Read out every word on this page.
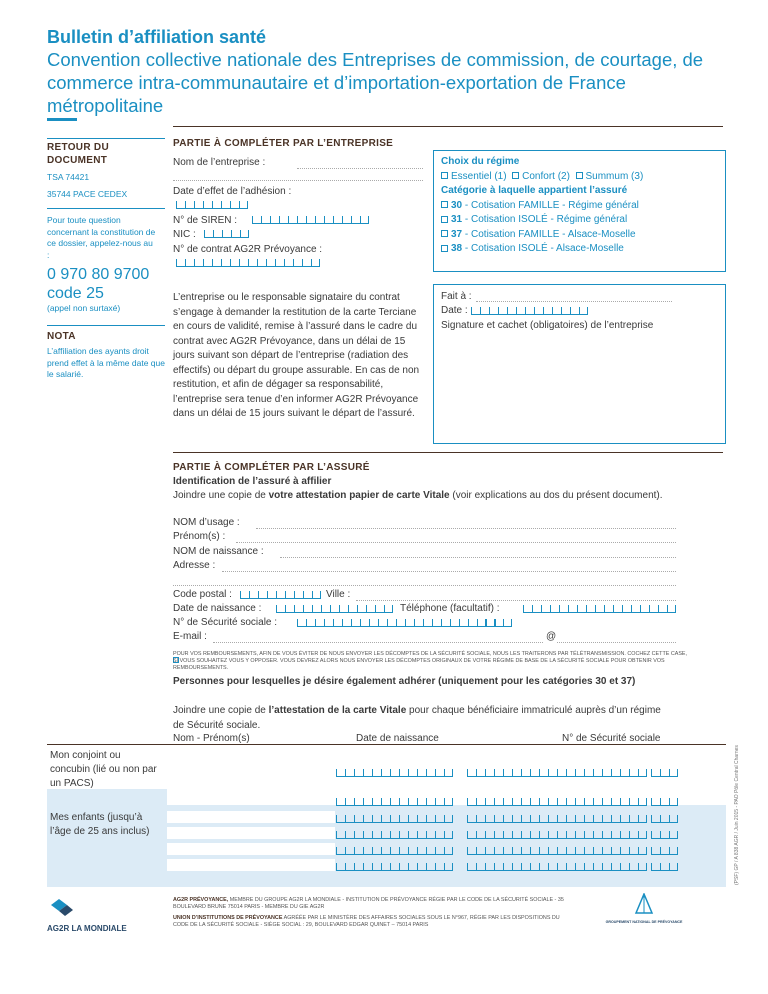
Bulletin d’affiliation santé
Convention collective nationale des Entreprises de commission, de courtage, de commerce intra-communautaire et d’importation-exportation de France métropolitaine
RETOUR DU DOCUMENT
TSA 74421
35744 PACE CEDEX
Pour toute question concernant la constitution de ce dossier, appelez-nous au :
0 970 80 9700
code 25
(appel non surtaxé)
NOTA
L’affiliation des ayants droit prend effet à la même date que le salarié.
PARTIE À COMPLÉTER PAR L’ENTREPRISE
Nom de l’entreprise :
Date d’effet de l’adhésion :
N° de SIREN :
NIC :
N° de contrat AG2R Prévoyance :
Choix du régime
Essentiel (1) Confort (2) Summum (3)
Catégorie à laquelle appartient l’assuré
30 - Cotisation FAMILLE - Régime général
31 - Cotisation ISOLÉ - Régime général
37 - Cotisation FAMILLE - Alsace-Moselle
38 - Cotisation ISOLÉ - Alsace-Moselle
L’entreprise ou le responsable signataire du contrat s’engage à demander la restitution de la carte Terciane en cours de validité, remise à l’assuré dans le cadre du contrat avec AG2R Prévoyance, dans un délai de 15 jours suivant son départ de l’entreprise (radiation des effectifs) ou départ du groupe assurable. En cas de non restitution, et afin de dégager sa responsabilité, l’entreprise sera tenue d’en informer AG2R Prévoyance dans un délai de 15 jours suivant le départ de l’assuré.
Fait à :
Date :
Signature et cachet (obligatoires) de l’entreprise
PARTIE À COMPLÉTER PAR L’ASSURÉ
Identification de l’assuré à affilier
Joindre une copie de votre attestation papier de carte Vitale (voir explications au dos du présent document).
NOM d’usage :
Prénom(s) :
NOM de naissance :
Adresse :
Code postal :	Ville :
Date de naissance :	Téléphone (facultatif) :
N° de Sécurité sociale :
E-mail :	@
POUR VOS REMBOURSEMENTS, AFIN DE VOUS ÉVITER DE NOUS ENVOYER LES DÉCOMPTES DE LA SÉCURITÉ SOCIALE, NOUS LES TRAITERONS PAR TÉLÉTRANSMISSION. COCHEZ CETTE CASE, SI VOUS SOUHAITEZ VOUS Y OPPOSER. VOUS DEVREZ ALORS NOUS ENVOYER LES DÉCOMPTES ORIGINAUX DE VOTRE RÉGIME DE BASE DE LA SÉCURITÉ SOCIALE POUR OBTENIR VOS REMBOURSEMENTS.
Personnes pour lesquelles je désire également adhérer (uniquement pour les catégories 30 et 37)
Joindre une copie de l’attestation de la carte Vitale pour chaque bénéficiaire immatriculé auprès d’un régime de Sécurité sociale.
Nom - Prénom(s)	Date de naissance	N° de Sécurité sociale
Mon conjoint ou concubin (lié ou non par un PACS)
Mes enfants (jusqu’à l’âge de 25 ans inclus)
AG2R LA MONDIALE
AG2R PRÉVOYANCE, MEMBRE DU GROUPE AG2R LA MONDIALE - INSTITUTION DE PRÉVOYANCE RÉGIE PAR LE CODE DE LA SÉCURITÉ SOCIALE - 35 BOULEVARD BRUNE 75014 PARIS - MEMBRE DU GIE AG2R
UNION D’INSTITUTIONS DE PRÉVOYANCE AGRÉÉE PAR LE MINISTÈRE DES AFFAIRES SOCIALES SOUS LE N°967, RÉGIE PAR LES DISPOSITIONS DU CODE DE LA SÉCURITÉ SOCIALE - SIÈGE SOCIAL : 29, BOULEVARD EDGAR QUINET – 75014 PARIS	GROUPEMENT NATIONAL DE PRÉVOYANCE
(PSF) GP / A 838 AGR / Juin 2015 - PAO Pôle Central Charnes
